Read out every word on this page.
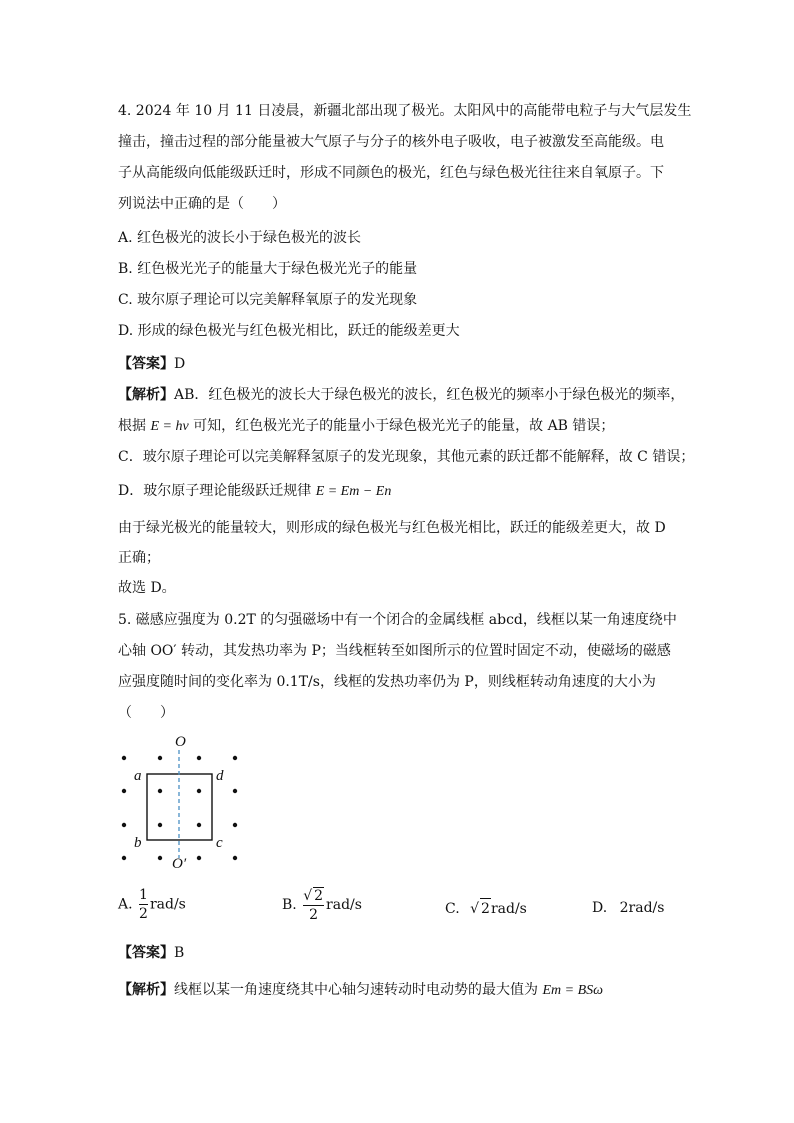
4. 2024 年 10 月 11 日凌晨，新疆北部出现了极光。太阳风中的高能带电粒子与大气层发生
撞击，撞击过程的部分能量被大气原子与分子的核外电子吸收，电子被激发至高能级。电
子从高能级向低能级跃迁时，形成不同颜色的极光，红色与绿色极光往往来自氧原子。下
列说法中正确的是（　　）
A. 红色极光的波长小于绿色极光的波长
B. 红色极光光子的能量大于绿色极光光子的能量
C. 玻尔原子理论可以完美解释氧原子的发光现象
D. 形成的绿色极光与红色极光相比，跃迁的能级差更大
【答案】D
【解析】AB．红色极光的波长大于绿色极光的波长，红色极光的频率小于绿色极光的频率，
根据 E = hν 可知，红色极光光子的能量小于绿色极光光子的能量，故 AB 错误；
C．玻尔原子理论可以完美解释氢原子的发光现象，其他元素的跃迁都不能解释，故 C 错误；
D．玻尔原子理论能级跃迁规律 E = Em − En
由于绿光极光的能量较大，则形成的绿色极光与红色极光相比，跃迁的能级差更大，故 D
正确；
故选 D。
5. 磁感应强度为 0.2T 的匀强磁场中有一个闭合的金属线框 abcd，线框以某一角速度绕中
心轴 OO′ 转动，其发热功率为 P；当线框转至如图所示的位置时固定不动，使磁场的磁感
应强度随时间的变化率为 0.1T/s，线框的发热功率仍为 P，则线框转动角速度的大小为
（　　）
O
O′
a	d
b	c
A. $\frac{1}{2} rad/s$	B. $\frac{√ 2}{2} rad/s$	C. √ 2rad/s	D. 2rad/s
【答案】B
【解析】线框以某一角速度绕其中心轴匀速转动时电动势的最大值为 Em = BSω
